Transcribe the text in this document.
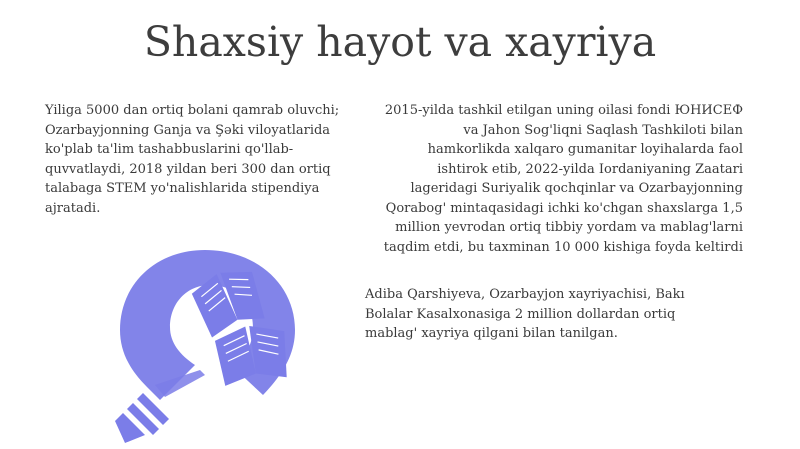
Shaxsiy hayot va xayriya

Yiliga 5000 dan ortiq bolani qamrab oluvchi; Ozarbayjonning Ganja va Şəki viloyatlarida ko'plab ta'lim tashabbuslarini qo'llab-quvvatlaydi, 2018 yildan beri 300 dan ortiq talabaga STEM yo'nalishlarida stipendiya ajratadi.

2015-yilda tashkil etilgan uning oilasi fondi ЮНИСЕФ va Jahon Sog'liqni Saqlash Tashkiloti bilan hamkorlikda xalqaro gumanitar loyihalarda faol ishtirok etib, 2022-yilda Iordaniyaning Zaatari lageridagi Suriyalik qochqinlar va Ozarbayjonning Qorabog' mintaqasidagi ichki ko'chgan shaxslarga 1,5 million yevrodan ortiq tibbiy yordam va mablag'larni taqdim etdi, bu taxminan 10 000 kishiga foyda keltirdi

Adiba Qarshiyeva, Ozarbayjon xayriyachisi, Bakı Bolalar Kasalxonasiga 2 million dollardan ortiq mablag' xayriya qilgani bilan tanilgan.
